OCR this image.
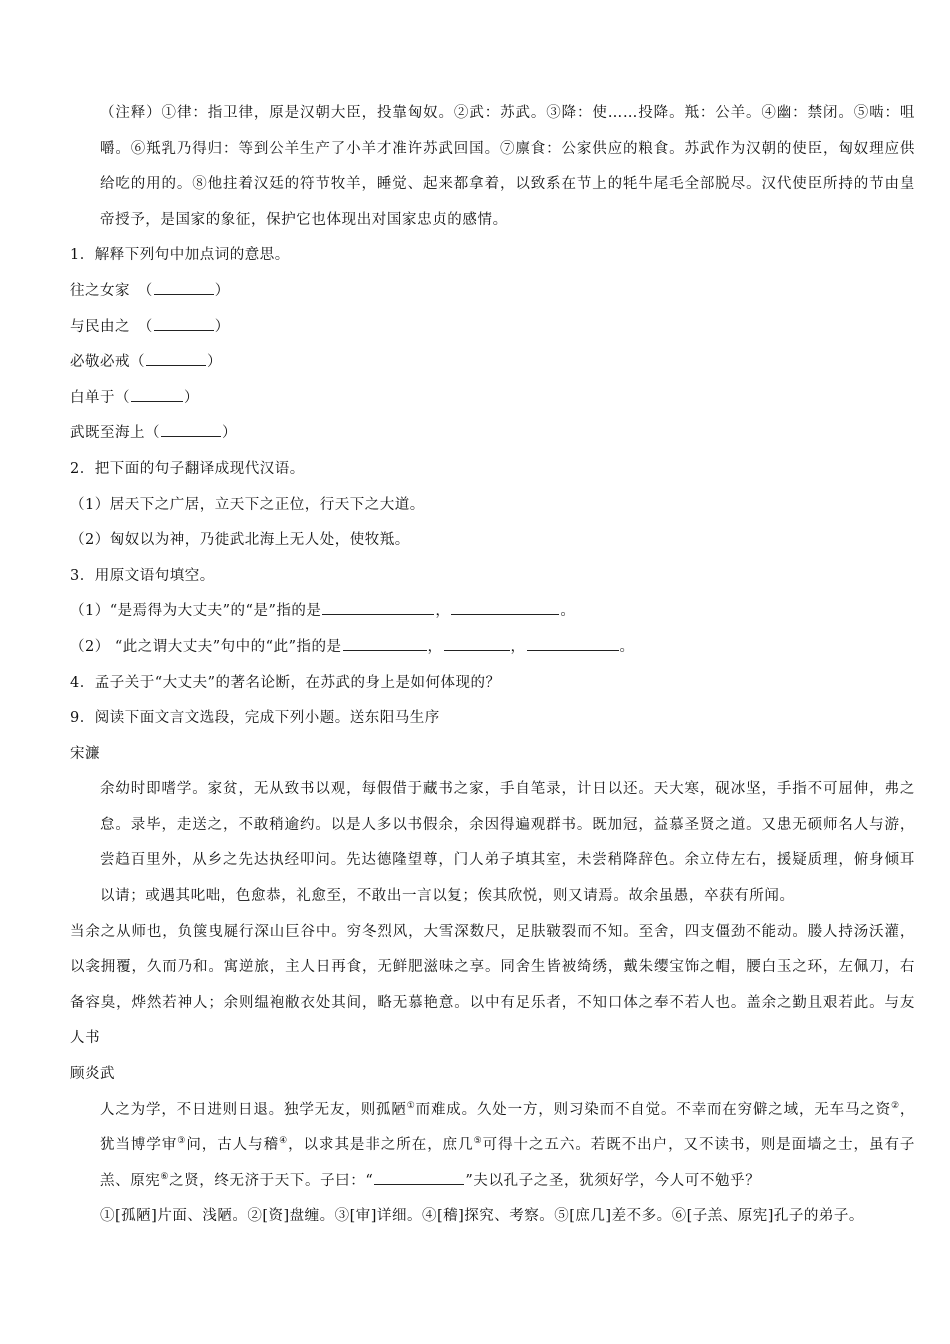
（注释）①律：指卫律，原是汉朝大臣，投靠匈奴。②武：苏武。③降：使……投降。羝：公羊。④幽：禁闭。⑤啮：咀嚼。⑥羝乳乃得归：等到公羊生产了小羊才准许苏武回国。⑦廪食：公家供应的粮食。苏武作为汉朝的使臣，匈奴理应供给吃的用的。⑧他拄着汉廷的符节牧羊，睡觉、起来都拿着，以致系在节上的牦牛尾毛全部脱尽。汉代使臣所持的节由皇帝授予，是国家的象征，保护它也体现出对国家忠贞的感情。
1．解释下列句中加点词的意思。
往之女家　（	）
与民由之　（	）
必敬必戒（	）
白单于（	）
武既至海上（	）
2．把下面的句子翻译成现代汉语。
（1）居天下之广居，立天下之正位，行天下之大道。
（2）匈奴以为神，乃徙武北海上无人处，使牧羝。
3．用原文语句填空。
（1）“是焉得为大丈夫”的“是”指的是	，	。
（2） “此之谓大丈夫”句中的“此”指的是	，	，	。
4．孟子关于“大丈夫”的著名论断，在苏武的身上是如何体现的？
9．阅读下面文言文选段，完成下列小题。送东阳马生序
宋濂
余幼时即嗜学。家贫，无从致书以观，每假借于藏书之家，手自笔录，计日以还。天大寒，砚冰坚，手指不可屈伸，弗之怠。录毕，走送之，不敢稍逾约。以是人多以书假余，余因得遍观群书。既加冠，益慕圣贤之道。又患无硕师名人与游，尝趋百里外，从乡之先达执经叩问。先达德隆望尊，门人弟子填其室，未尝稍降辞色。余立侍左右，援疑质理，俯身倾耳以请；或遇其叱咄，色愈恭，礼愈至，不敢出一言以复；俟其欣悦，则又请焉。故余虽愚，卒获有所闻。
当余之从师也，负箧曳屣行深山巨谷中。穷冬烈风，大雪深数尺，足肤皲裂而不知。至舍，四支僵劲不能动。媵人持汤沃灌，以衾拥覆，久而乃和。寓逆旅，主人日再食，无鲜肥滋味之享。同舍生皆被绮绣，戴朱缨宝饰之帽，腰白玉之环，左佩刀，右备容臭，烨然若神人；余则缊袍敝衣处其间，略无慕艳意。以中有足乐者，不知口体之奉不若人也。盖余之勤且艰若此。与友人书
顾炎武
人之为学，不日进则日退。独学无友，则孤陋①而难成。久处一方，则习染而不自觉。不幸而在穷僻之域，无车马之资②，犹当博学审③问，古人与稽④，以求其是非之所在，庶几⑤可得十之五六。若既不出户，又不读书，则是面墙之士，虽有子羔、原宪⑥之贤，终无济于天下。子曰：“	”夫以孔子之圣，犹须好学，今人可不勉乎？
①[孤陋]片面、浅陋。②[资]盘缠。③[审]详细。④[稽]探究、考察。⑤[庶几]差不多。⑥[子羔、原宪]孔子的弟子。
